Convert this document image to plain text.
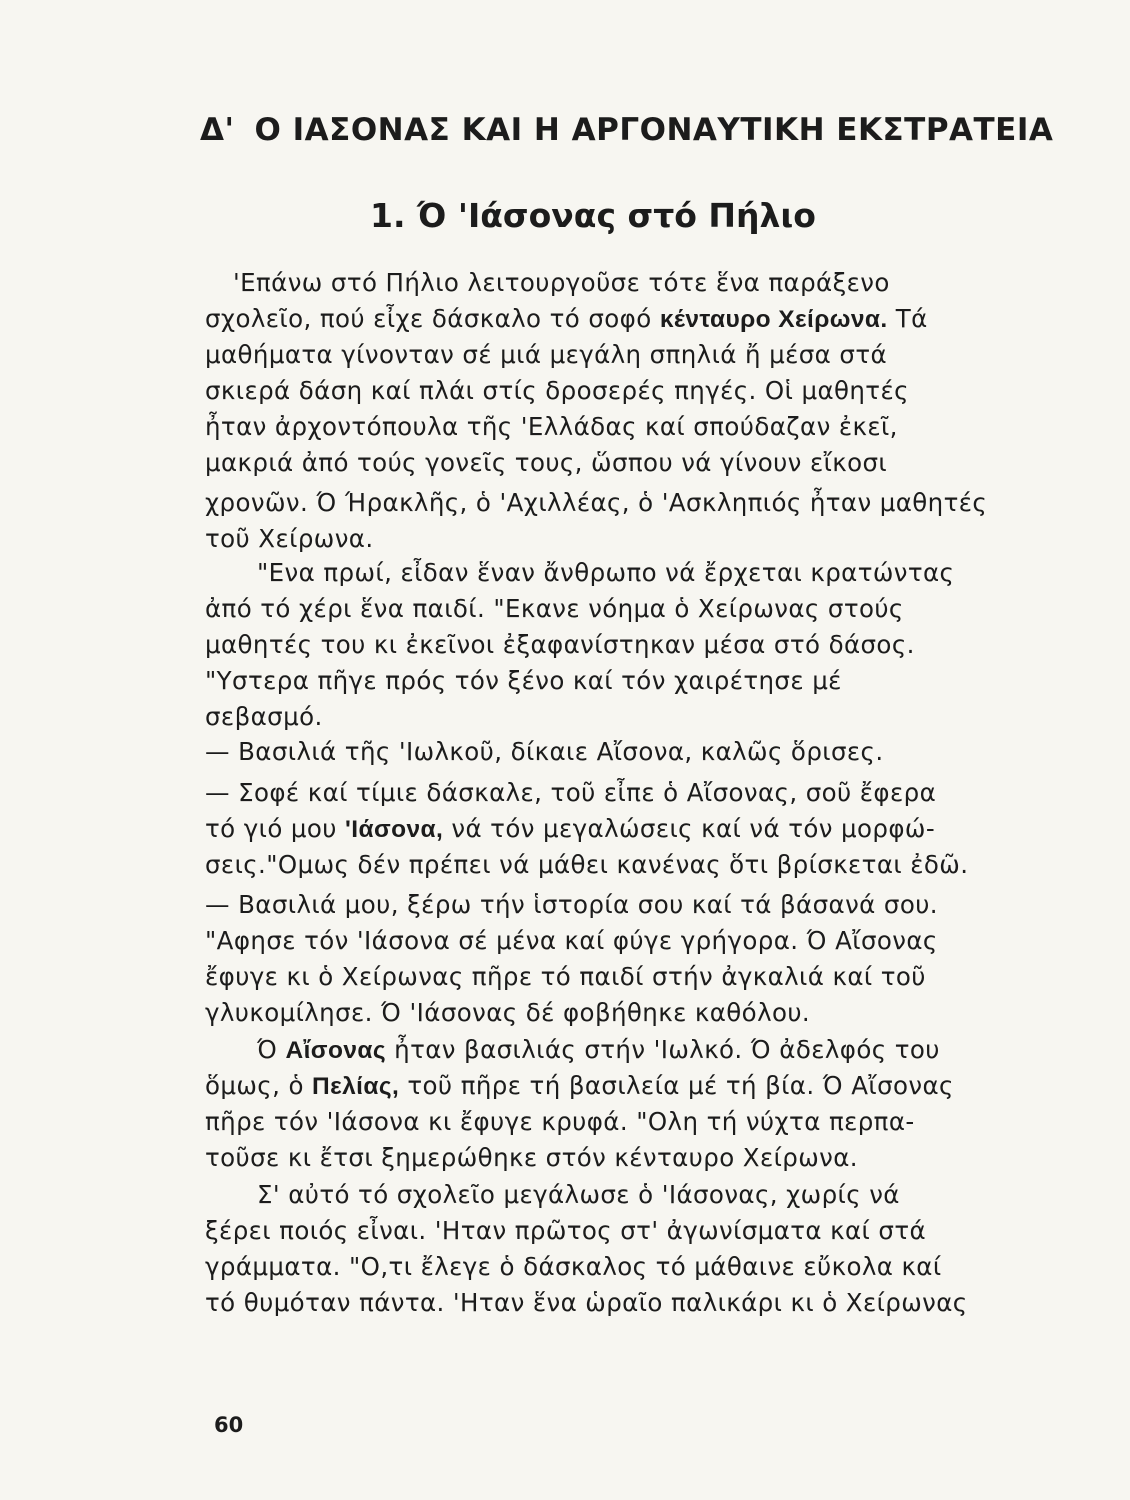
Δ' Ο ΙΑΣΟΝΑΣ ΚΑΙ Η ΑΡΓΟΝΑΥΤΙΚΗ ΕΚΣΤΡΑΤΕΙΑ
1. Ό 'Ιάσονας στό Πήλιο
'Επάνω στό Πήλιο λειτουργοῦσε τότε ἕνα παράξενο
σχολεῖο, πού εἶχε δάσκαλο τό σοφό κένταυρο Χείρωνα. Τά
μαθήματα γίνονταν σέ μιά μεγάλη σπηλιά ἤ μέσα στά
σκιερά δάση καί πλάι στίς δροσερές πηγές. Οἱ μαθητές
ἦταν ἀρχοντόπουλα τῆς 'Ελλάδας καί σπούδαζαν ἐκεῖ,
μακριά ἀπό τούς γονεῖς τους, ὥσπου νά γίνουν εἴκοσι
χρονῶν. Ό Ήρακλῆς, ὁ 'Αχιλλέας, ὁ 'Ασκληπιός ἦταν μαθητές
τοῦ Χείρωνα.
"Ενα πρωί, εἶδαν ἕναν ἄνθρωπο νά ἔρχεται κρατώντας
ἀπό τό χέρι ἕνα παιδί. "Εκανε νόημα ὁ Χείρωνας στούς
μαθητές του κι ἐκεῖνοι ἐξαφανίστηκαν μέσα στό δάσος.
"Υστερα πῆγε πρός τόν ξένο καί τόν χαιρέτησε μέ
σεβασμό.
— Βασιλιά τῆς 'Ιωλκοῦ, δίκαιε Αἴσονα, καλῶς ὅρισες.
— Σοφέ καί τίμιε δάσκαλε, τοῦ εἶπε ὁ Αἴσονας, σοῦ ἔφερα
τό γιό μου 'Ιάσονα, νά τόν μεγαλώσεις καί νά τόν μορφώ-
σεις."Ομως δέν πρέπει νά μάθει κανένας ὅτι βρίσκεται ἐδῶ.
— Βασιλιά μου, ξέρω τήν ἱστορία σου καί τά βάσανά σου.
"Αφησε τόν 'Ιάσονα σέ μένα καί φύγε γρήγορα. Ό Αἴσονας
ἔφυγε κι ὁ Χείρωνας πῆρε τό παιδί στήν ἀγκαλιά καί τοῦ
γλυκομίλησε. Ό 'Ιάσονας δέ φοβήθηκε καθόλου.
Ό Αἴσονας ἦταν βασιλιάς στήν 'Ιωλκό. Ό ἀδελφός του
ὅμως, ὁ Πελίας, τοῦ πῆρε τή βασιλεία μέ τή βία. Ό Αἴσονας
πῆρε τόν 'Ιάσονα κι ἔφυγε κρυφά. "Ολη τή νύχτα περπα-
τοῦσε κι ἔτσι ξημερώθηκε στόν κένταυρο Χείρωνα.
Σ' αὐτό τό σχολεῖο μεγάλωσε ὁ 'Ιάσονας, χωρίς νά
ξέρει ποιός εἶναι. 'Ηταν πρῶτος στ' ἀγωνίσματα καί στά
γράμματα. "Ο,τι ἔλεγε ὁ δάσκαλος τό μάθαινε εὔκολα καί
τό θυμόταν πάντα. 'Ηταν ἕνα ὡραῖο παλικάρι κι ὁ Χείρωνας
60
